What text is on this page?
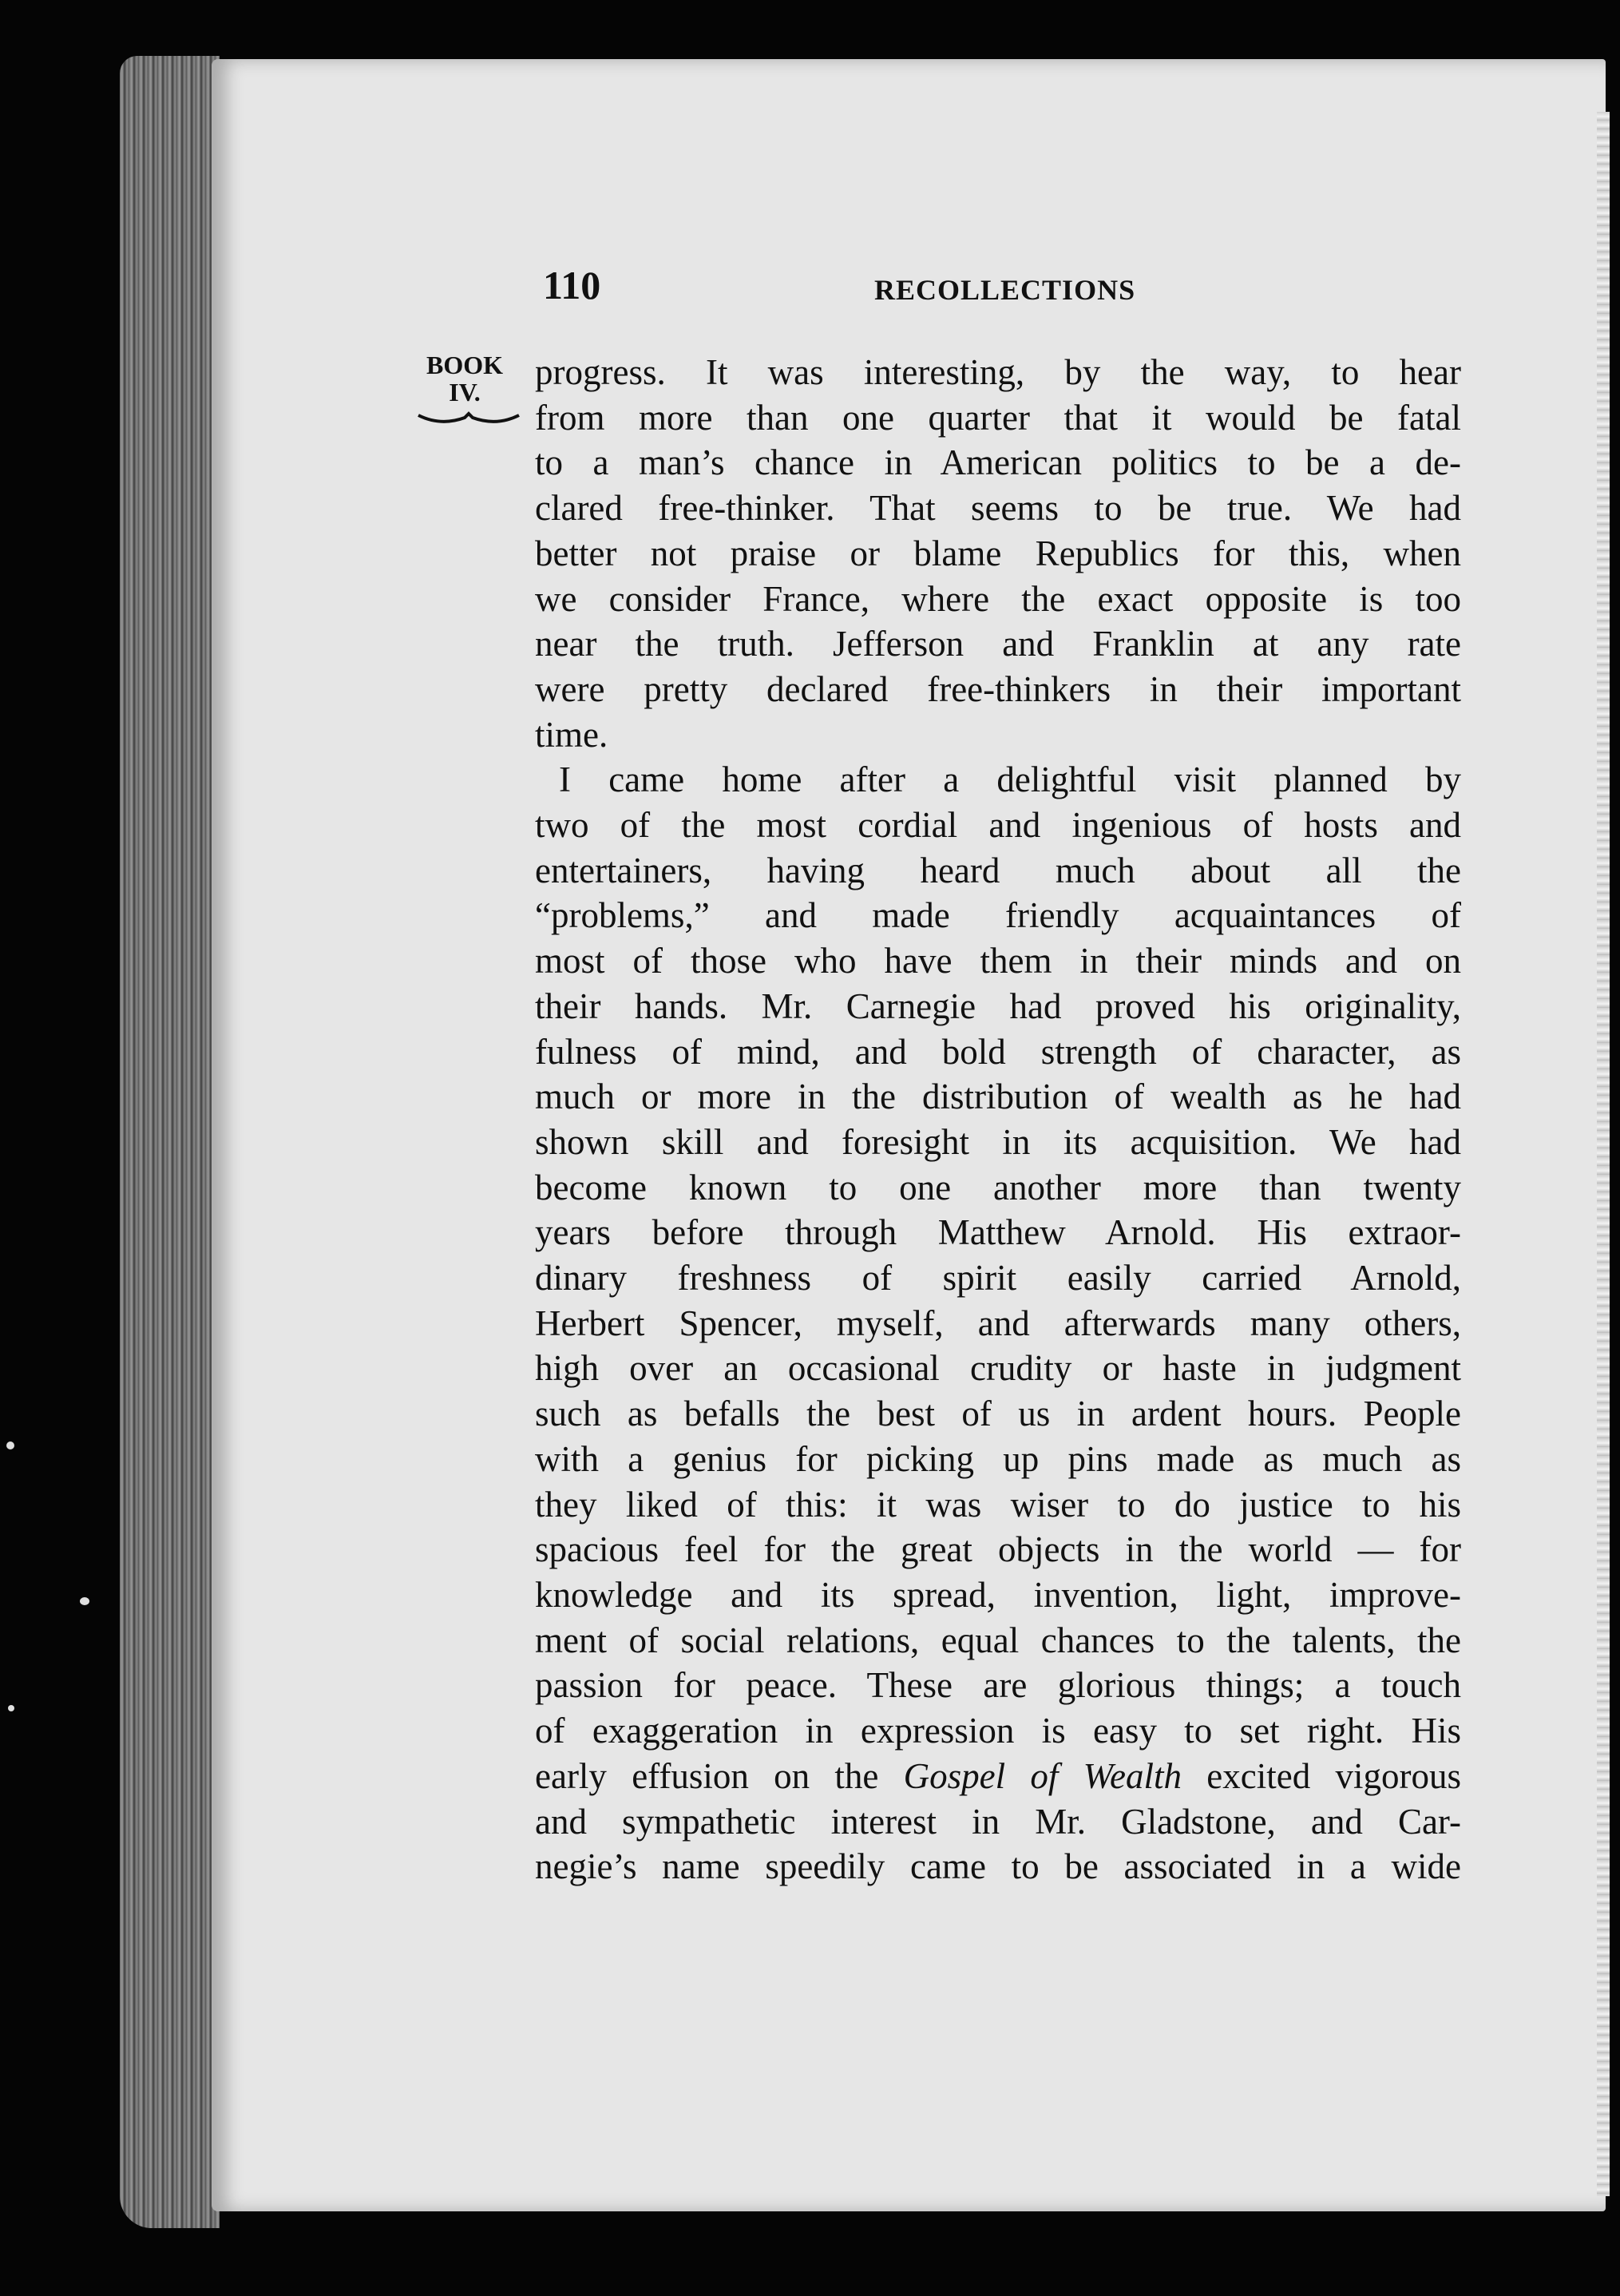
110	RECOLLECTIONS
BOOK
IV.	progress. It was interesting, by the way, to hear
from more than one quarter that it would be fatal
to a man’s chance in American politics to be a de-
clared free-thinker. That seems to be true. We had
better not praise or blame Republics for this, when
we consider France, where the exact opposite is too
near the truth. Jefferson and Franklin at any rate
were pretty declared free-thinkers in their important
time.
I came home after a delightful visit planned by
two of the most cordial and ingenious of hosts and
entertainers, having heard much about all the
“problems,” and made friendly acquaintances of
most of those who have them in their minds and on
their hands. Mr. Carnegie had proved his originality,
fulness of mind, and bold strength of character, as
much or more in the distribution of wealth as he had
shown skill and foresight in its acquisition. We had
become known to one another more than twenty
years before through Matthew Arnold. His extraor-
dinary freshness of spirit easily carried Arnold,
Herbert Spencer, myself, and afterwards many others,
high over an occasional crudity or haste in judgment
such as befalls the best of us in ardent hours. People
with a genius for picking up pins made as much as
they liked of this: it was wiser to do justice to his
spacious feel for the great objects in the world — for
knowledge and its spread, invention, light, improve-
ment of social relations, equal chances to the talents, the
passion for peace. These are glorious things; a touch
of exaggeration in expression is easy to set right. His
early effusion on the Gospel of Wealth excited vigorous
and sympathetic interest in Mr. Gladstone, and Car-
negie’s name speedily came to be associated in a wide
